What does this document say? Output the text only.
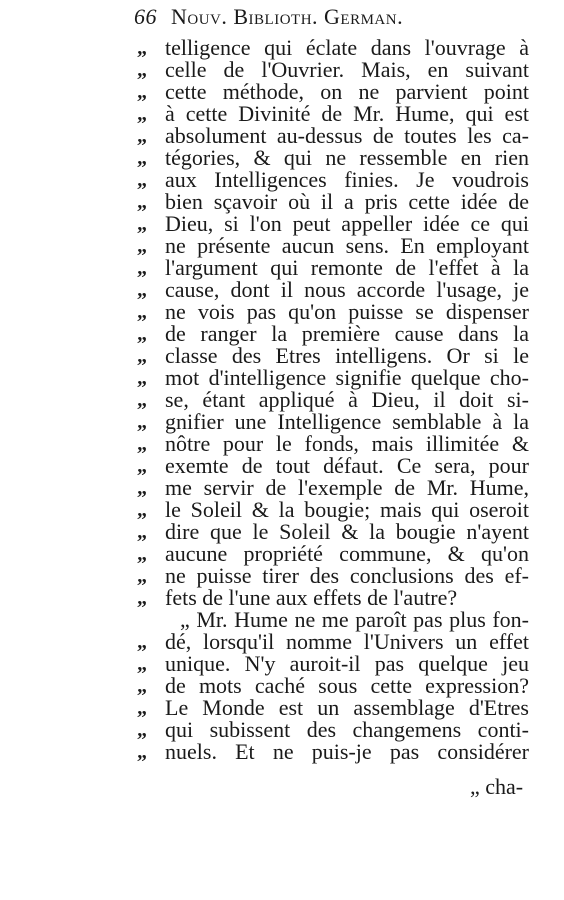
66 Nouv. Biblioth. German.
„ telligence qui éclate dans l'ouvrage à
„ celle de l'Ouvrier. Mais, en suivant
„ cette méthode, on ne parvient point
„ à cette Divinité de Mr. Hume, qui est
„ absolument au-dessus de toutes les ca-
„ tégories, & qui ne ressemble en rien
„ aux Intelligences finies. Je voudrois
„ bien sçavoir où il a pris cette idée de
„ Dieu, si l'on peut appeller idée ce qui
„ ne présente aucun sens. En employant
„ l'argument qui remonte de l'effet à la
„ cause, dont il nous accorde l'usage, je
„ ne vois pas qu'on puisse se dispenser
„ de ranger la première cause dans la
„ classe des Etres intelligens. Or si le
„ mot d'intelligence signifie quelque cho-
„ se, étant appliqué à Dieu, il doit si-
„ gnifier une Intelligence semblable à la
„ nôtre pour le fonds, mais illimitée &
„ exemte de tout défaut. Ce sera, pour
„ me servir de l'exemple de Mr. Hume,
„ le Soleil & la bougie; mais qui oseroit
„ dire que le Soleil & la bougie n'ayent
„ aucune propriété commune, & qu'on
„ ne puisse tirer des conclusions des ef-
„ fets de l'une aux effets de l'autre?
„ Mr. Hume ne me paroît pas plus fon-
„ dé, lorsqu'il nomme l'Univers un effet
„ unique. N'y auroit-il pas quelque jeu
„ de mots caché sous cette expression?
„ Le Monde est un assemblage d'Etres
„ qui subissent des changemens conti-
„ nuels. Et ne puis-je pas considérer
„ cha-
